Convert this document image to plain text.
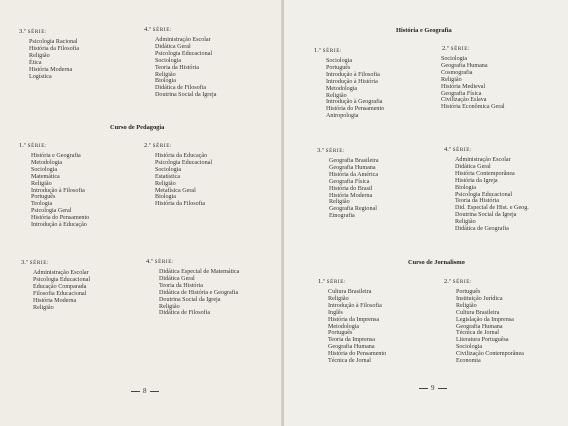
3.ª SÉRIE:
Psicologia Racional
História da Filosofia
Religião
Ética
História Moderna
Logística
4.ª SÉRIE:
Administração Escolar
Didática Geral
Psicologia Educacional
Sociologia
Teoria da História
Religião
Biologia
Didática de Filosofia
Doutrina Social da Igreja
Curso de Pedagogia
1.ª SÉRIE:
História e Geografia
Metodologia
Sociologia
Matemática
Religião
Introdução à Filosofia
Português
Teologia
Psicologia Geral
História do Pensamento
Introdução à Educação
2.ª SÉRIE:
História da Educação
Psicologia Educacional
Sociologia
Estatística
Religião
Metafísica Geral
Biologia
História da Filosofia
3.ª SÉRIE:
Administração Escolar
Psicologia Educacional
Educação Comparada
Filosofia Educacional
História Moderna
Religião
4.ª SÉRIE:
Didática Especial de Matemática
Didática Geral
Teoria da História
Didática de História e Geografia
Doutrina Social da Igreja
Religião
Didática de Filosofia
8
História e Geografia
1.ª SÉRIE:
Sociologia
Português
Introdução à Filosofia
Introdução à História
Metodologia
Religião
Introdução à Geografia
História do Pensamento
Antropologia
2.ª SÉRIE:
Sociologia
Geografia Humana
Cosmografia
Religião
História Medieval
Geografia Física
Civilização Eslava
História Econômica Geral
3.ª SÉRIE:
Geografia Brasileira
Geografia Humana
História da América
Geografia Física
História do Brasil
História Moderna
Religião
Geografia Regional
Etnografia
4.ª SÉRIE:
Administração Escolar
Didática Geral
História Contemporânea
História da Igreja
Biologia
Psicologia Educacional
Teoria da História
Did. Especial de Hist. e Geog.
Doutrina Social da Igreja
Religião
Didática de Geografia
Curso de Jornalismo
1.ª SÉRIE:
Cultura Brasileira
Religião
Introdução à Filosofia
Inglês
História da Imprensa
Metodologia
Português
Teoria da Imprensa
Geografia Humana
História do Pensamento
Técnica de Jornal
2.ª SÉRIE:
Português
Instituição Jurídica
Religião
Cultura Brasileira
Legislação da Imprensa
Geografia Humana
Técnica de Jornal
Literatura Portuguêsa
Sociologia
Civilização Contemporânea
Economia
9
